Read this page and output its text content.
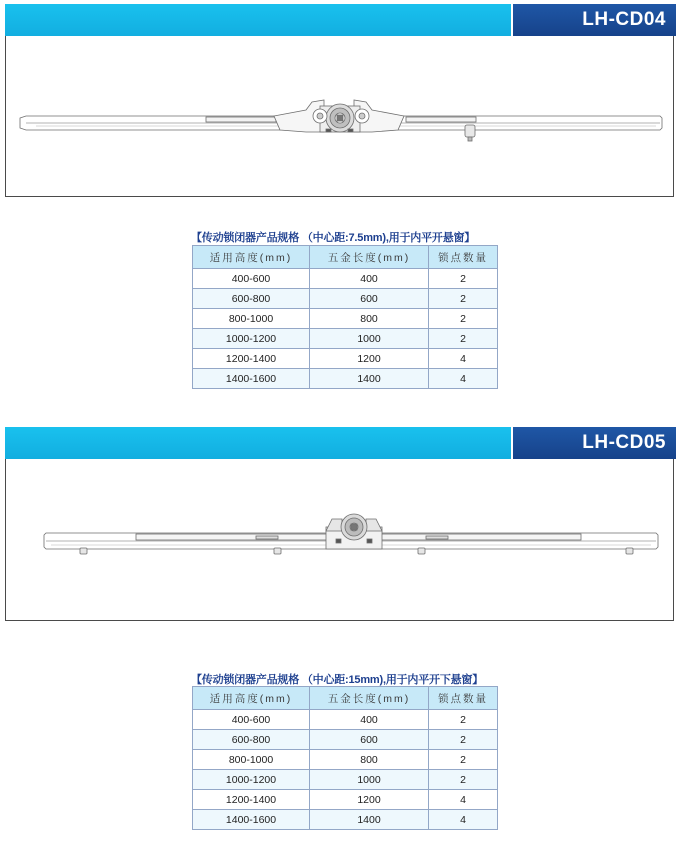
LH-CD04
【传动锁闭器产品规格 （中心距:7.5mm),用于内平开悬窗】
适用高度(mm)	五金长度(mm)	锁点数量
400-600	400	2
600-800	600	2
800-1000	800	2
1000-1200	1000	2
1200-1400	1200	4
1400-1600	1400	4
LH-CD05
【传动锁闭器产品规格 （中心距:15mm),用于内平开下悬窗】
适用高度(mm)	五金长度(mm)	锁点数量
400-600	400	2
600-800	600	2
800-1000	800	2
1000-1200	1000	2
1200-1400	1200	4
1400-1600	1400	4
